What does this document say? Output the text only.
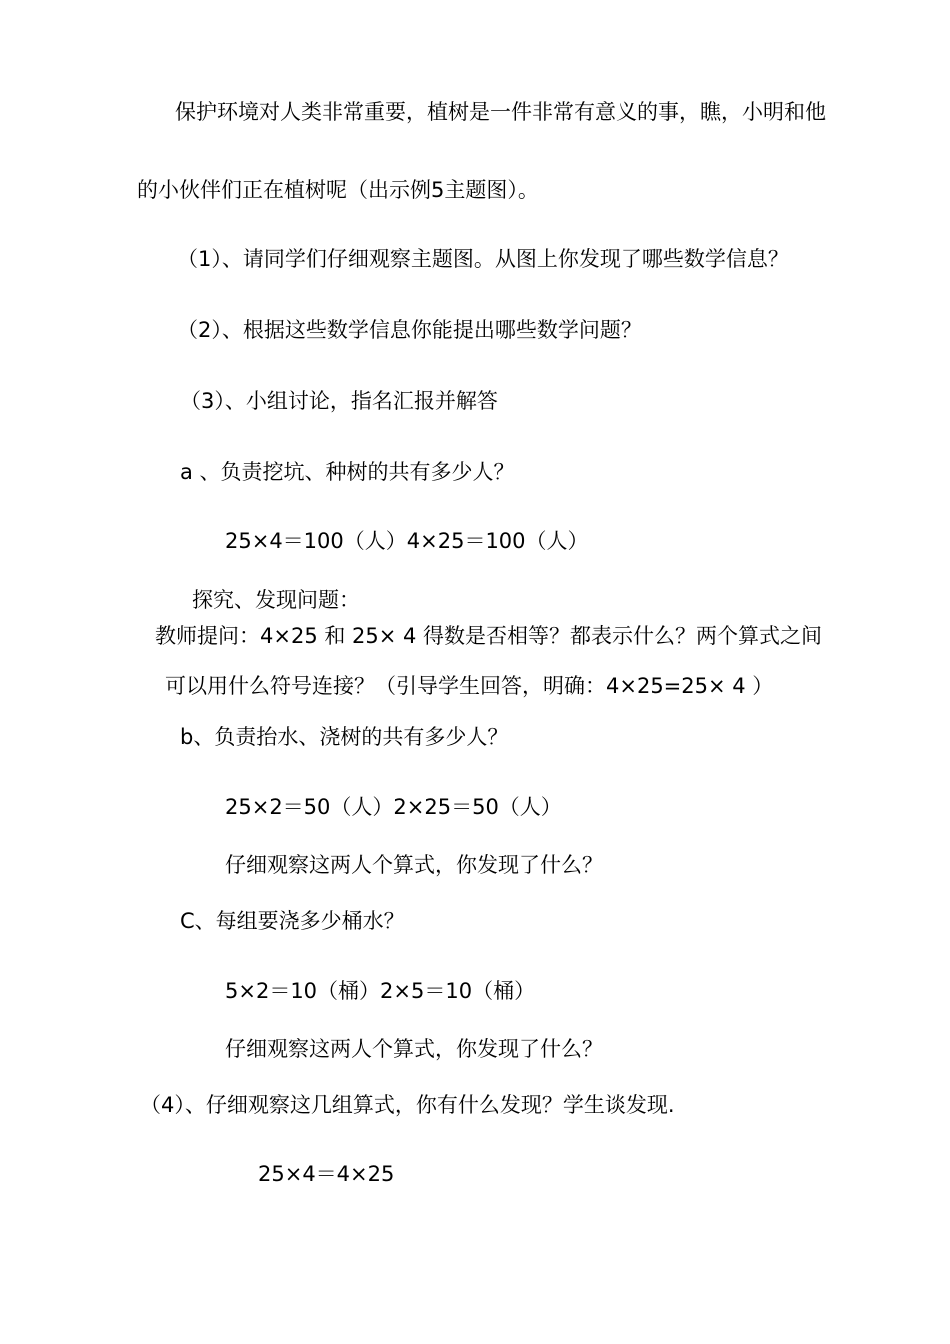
保护环境对人类非常重要，植树是一件非常有意义的事，瞧，小明和他
的小伙伴们正在植树呢（出示例5主题图）。
（1）、请同学们仔细观察主题图。从图上你发现了哪些数学信息？
（2）、根据这些数学信息你能提出哪些数学问题？
（3）、小组讨论，指名汇报并解答
a 、负责挖坑、种树的共有多少人？
25×4＝100（人）4×25＝100（人）
探究、发现问题：
教师提问：4×25 和 25× 4 得数是否相等？都表示什么？两个算式之间
可以用什么符号连接？（引导学生回答，明确：4×25=25× 4 ）
b、负责抬水、浇树的共有多少人？
25×2＝50（人）2×25＝50（人）
仔细观察这两人个算式，你发现了什么？
C、每组要浇多少桶水？
5×2＝10（桶）2×5＝10（桶）
仔细观察这两人个算式，你发现了什么？
（4）、仔细观察这几组算式，你有什么发现？学生谈发现.
25×4＝4×25
